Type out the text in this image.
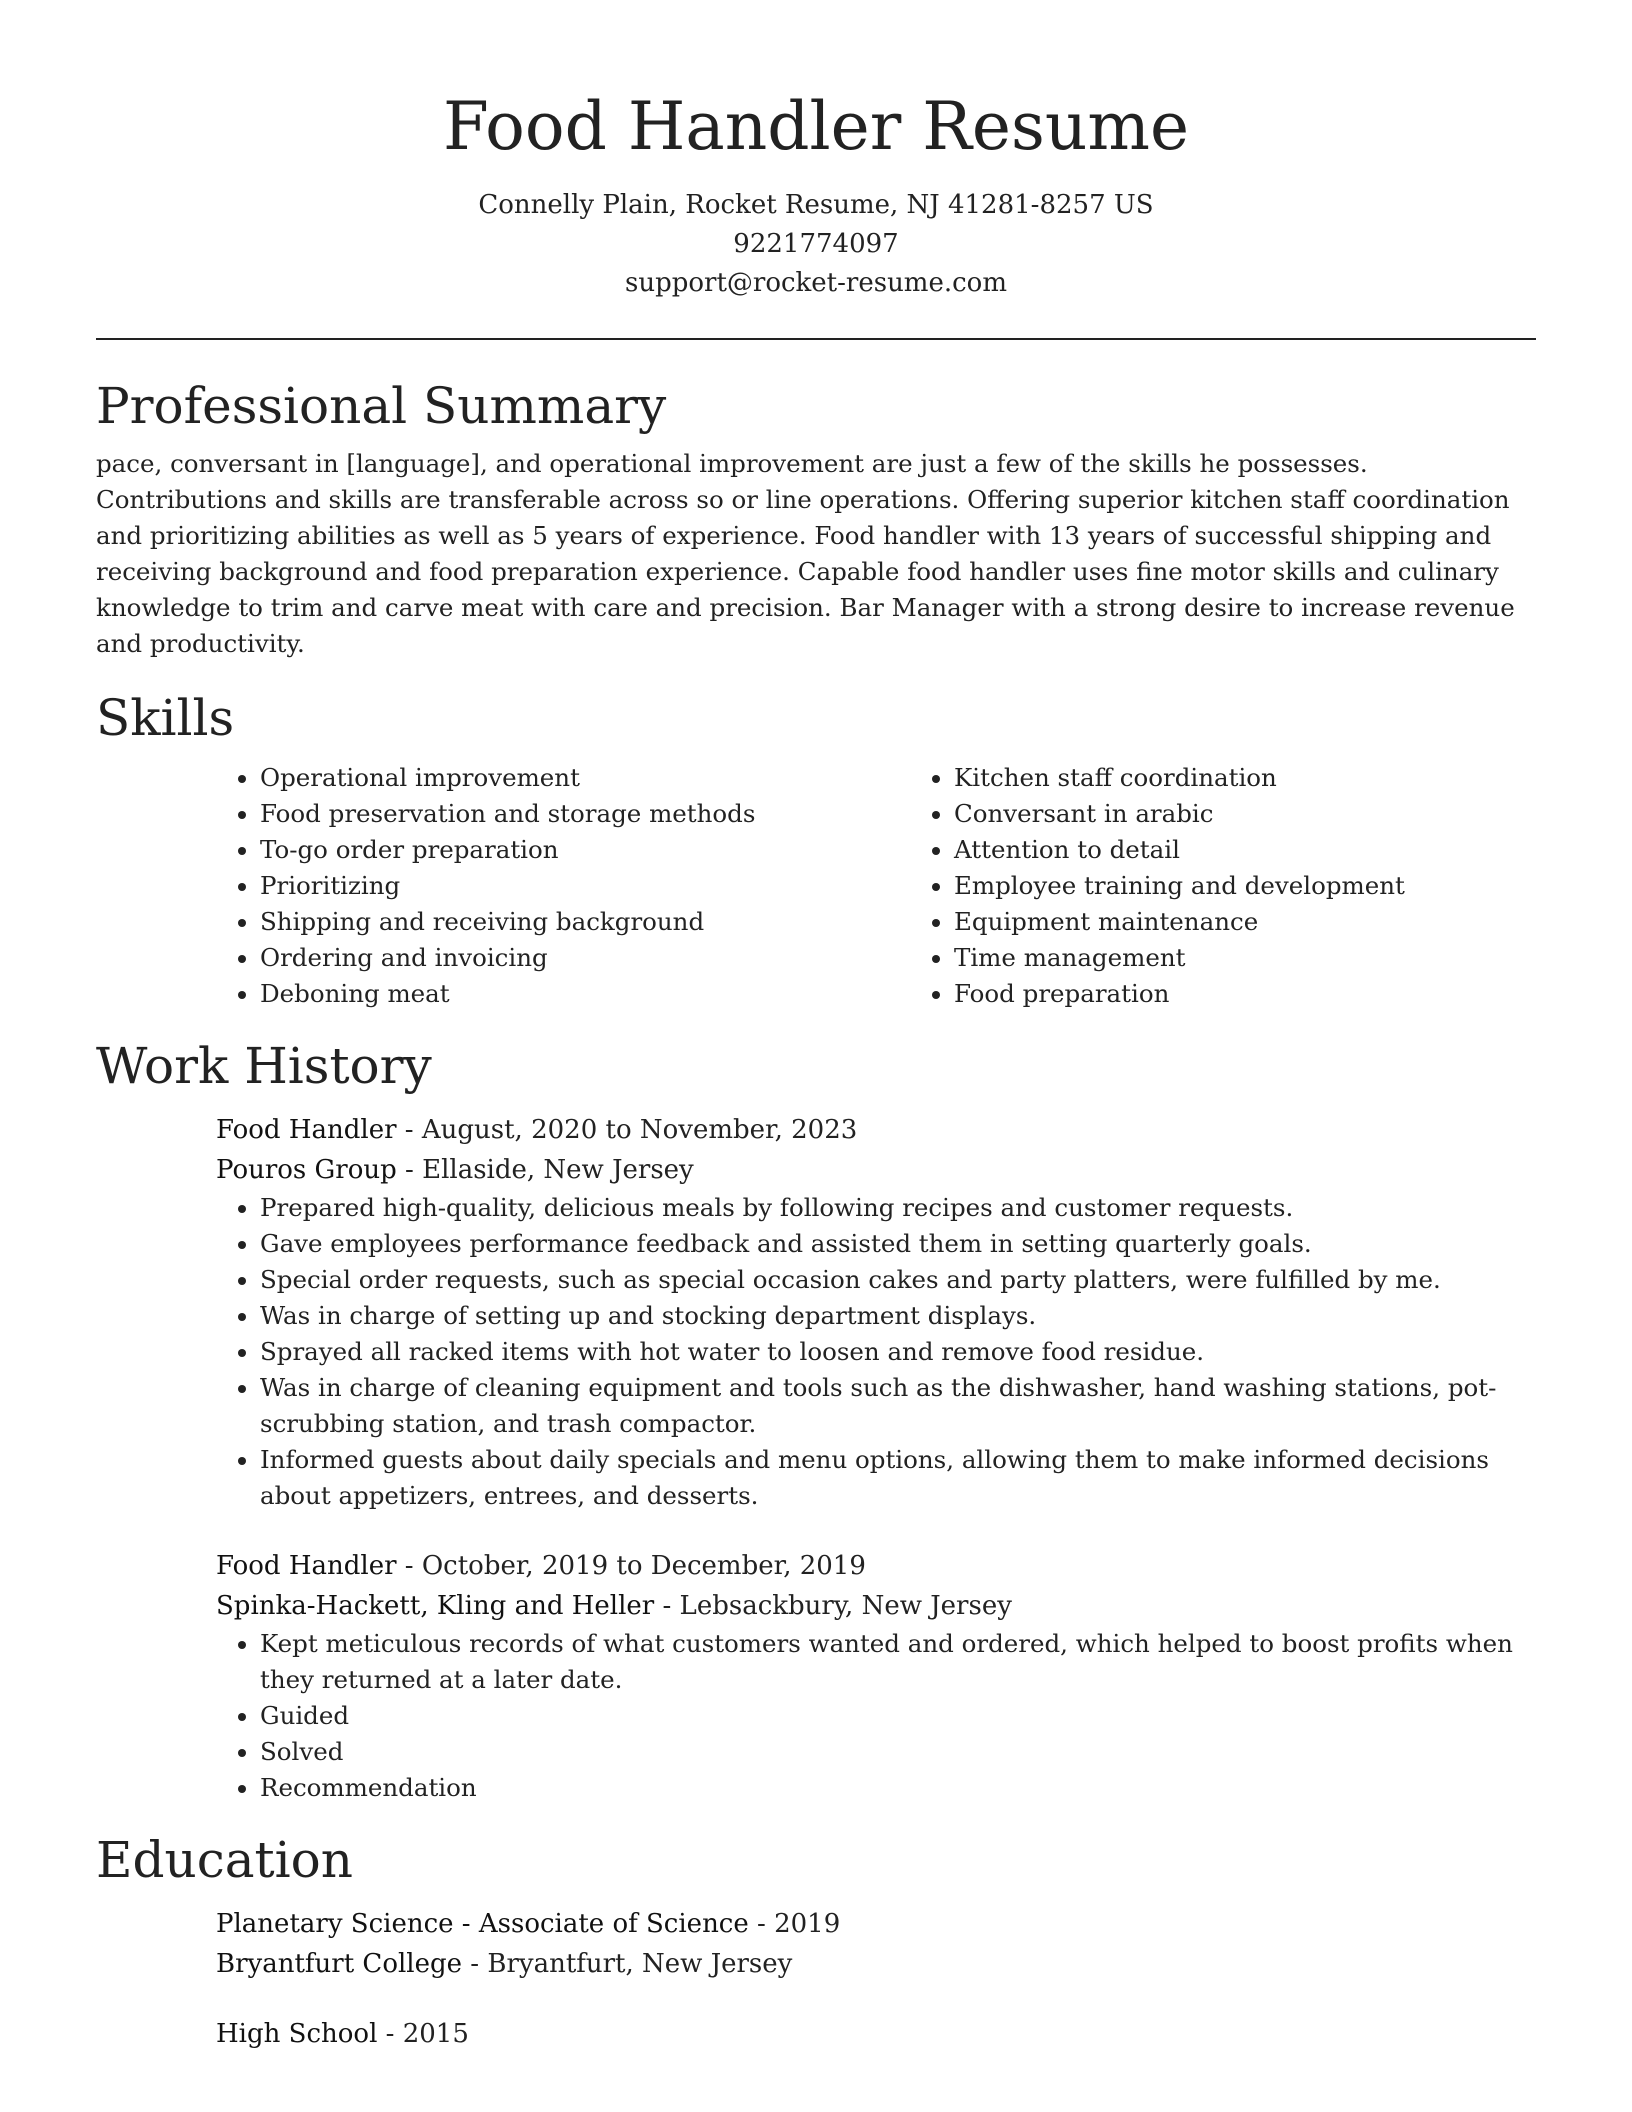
Food Handler Resume

Connelly Plain, Rocket Resume, NJ 41281-8257 US

9221774097

support@rocket-resume.com

Professional Summary

pace, conversant in [language], and operational improvement are just a few of the skills he possesses. Contributions and skills are transferable across so or line operations. Offering superior kitchen staff coordination and prioritizing abilities as well as 5 years of experience. Food handler with 13 years of successful shipping and receiving background and food preparation experience. Capable food handler uses fine motor skills and culinary knowledge to trim and carve meat with care and precision. Bar Manager with a strong desire to increase revenue and productivity.

Skills
• Operational improvement
• Food preservation and storage methods
• To-go order preparation
• Prioritizing
• Shipping and receiving background
• Ordering and invoicing
• Deboning meat
• Kitchen staff coordination
• Conversant in arabic
• Attention to detail
• Employee training and development
• Equipment maintenance
• Time management
• Food preparation
Work History

Food Handler - August, 2020 to November, 2023

Pouros Group - Ellaside, New Jersey

• Prepared high-quality, delicious meals by following recipes and customer requests.
• Gave employees performance feedback and assisted them in setting quarterly goals.
• Special order requests, such as special occasion cakes and party platters, were fulfilled by me.
• Was in charge of setting up and stocking department displays.
• Sprayed all racked items with hot water to loosen and remove food residue.
• Was in charge of cleaning equipment and tools such as the dishwasher, hand washing stations, pot-scrubbing station, and trash compactor.
• Informed guests about daily specials and menu options, allowing them to make informed decisions about appetizers, entrees, and desserts.

Food Handler - October, 2019 to December, 2019

Spinka-Hackett, Kling and Heller - Lebsackbury, New Jersey

• Kept meticulous records of what customers wanted and ordered, which helped to boost profits when they returned at a later date.
• Guided
• Solved
• Recommendation
Education

Planetary Science - Associate of Science - 2019

Bryantfurt College - Bryantfurt, New Jersey

High School - 2015
